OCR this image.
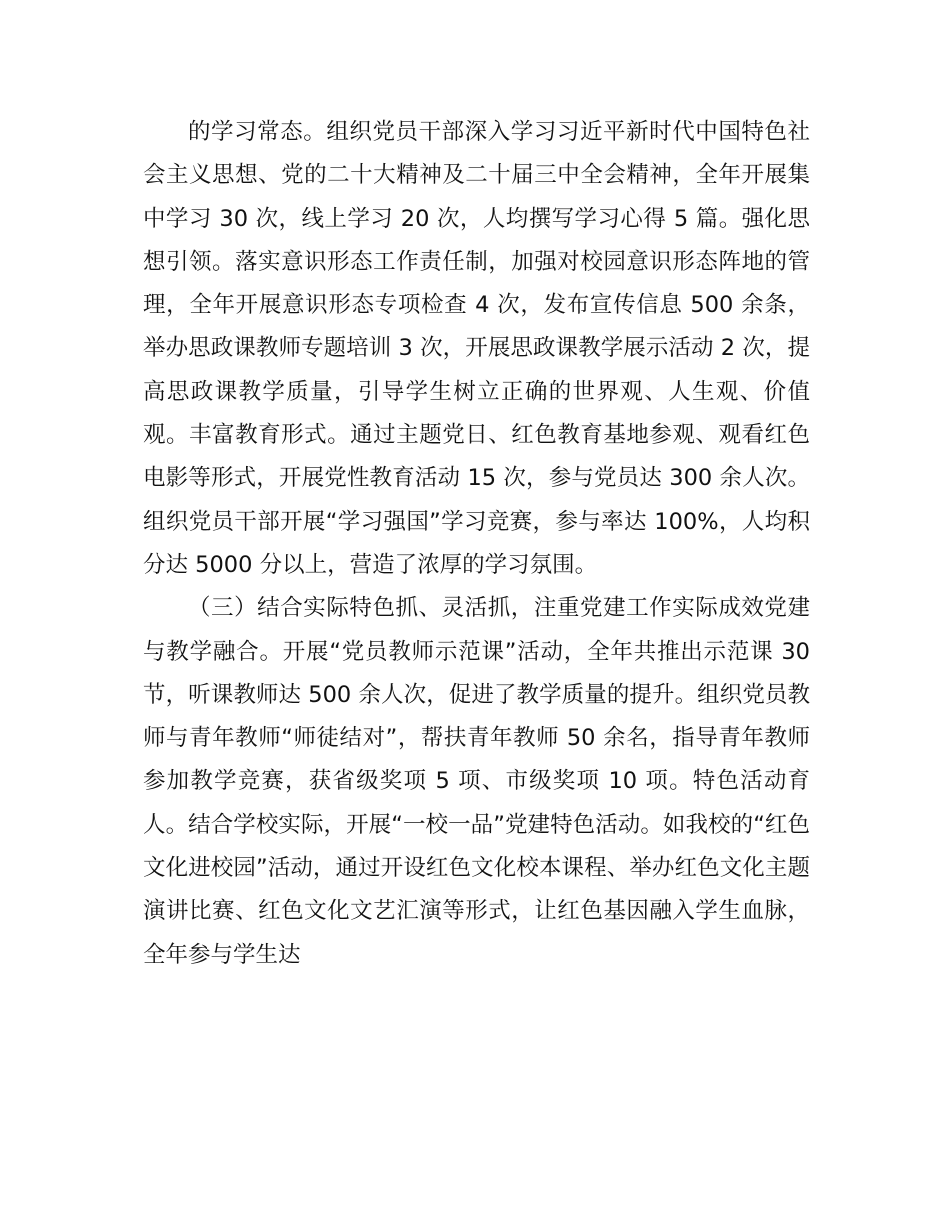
的学习常态。组织党员干部深入学习习近平新时代中国特色社会主义思想、党的二十大精神及二十届三中全会精神，全年开展集中学习 30 次，线上学习 20 次，人均撰写学习心得 5 篇。强化思想引领。落实意识形态工作责任制，加强对校园意识形态阵地的管理，全年开展意识形态专项检查 4 次，发布宣传信息 500 余条，举办思政课教师专题培训 3 次，开展思政课教学展示活动 2 次，提高思政课教学质量，引导学生树立正确的世界观、人生观、价值观。丰富教育形式。通过主题党日、红色教育基地参观、观看红色电影等形式，开展党性教育活动 15 次，参与党员达 300 余人次。组织党员干部开展“学习强国”学习竞赛，参与率达 100%，人均积分达 5000 分以上，营造了浓厚的学习氛围。

（三）结合实际特色抓、灵活抓，注重党建工作实际成效党建与教学融合。开展“党员教师示范课”活动，全年共推出示范课 30 节，听课教师达 500 余人次，促进了教学质量的提升。组织党员教师与青年教师“师徒结对”，帮扶青年教师 50 余名，指导青年教师参加教学竞赛，获省级奖项 5 项、市级奖项 10 项。特色活动育人。结合学校实际，开展“一校一品”党建特色活动。如我校的“红色文化进校园”活动，通过开设红色文化校本课程、举办红色文化主题演讲比赛、红色文化文艺汇演等形式，让红色基因融入学生血脉，全年参与学生达
